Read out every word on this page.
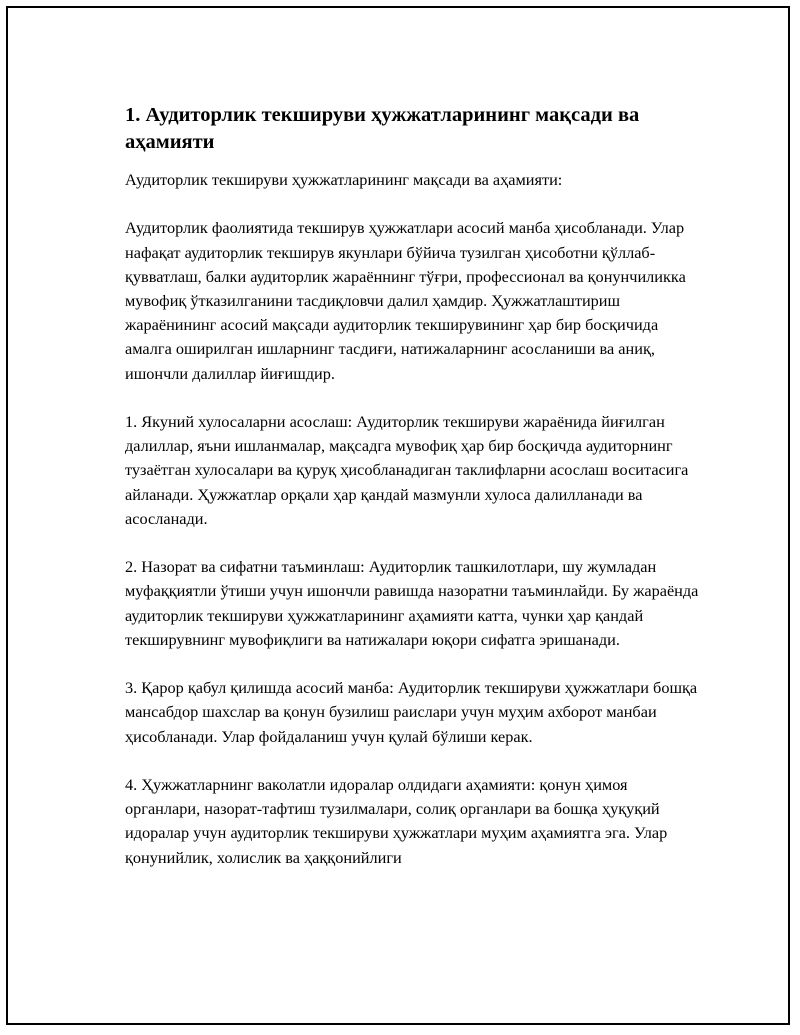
1. Аудиторлик текшируви ҳужжатларининг мақсади ва аҳамияти

Аудиторлик текшируви ҳужжатларининг мақсади ва аҳамияти:

Аудиторлик фаолиятида текширув ҳужжатлари асосий манба ҳисобланади. Улар нафақат аудиторлик текширув якунлари бўйича тузилган ҳисоботни қўллаб-қувватлаш, балки аудиторлик жараённинг тўғри, профессионал ва қонунчиликка мувофиқ ўтказилганини тасдиқловчи далил ҳамдир. Ҳужжатлаштириш жараёнининг асосий мақсади аудиторлик текширувининг ҳар бир босқичида амалга оширилган ишларнинг тасдиғи, натижаларнинг асосланиши ва аниқ, ишончли далиллар йиғишдир.

1. Якуний хулосаларни асослаш: Аудиторлик текшируви жараёнида йиғилган далиллар, яъни ишланмалар, мақсадга мувофиқ ҳар бир босқичда аудиторнинг тузаётган хулосалари ва қуруқ ҳисобланадиган таклифларни асослаш воситасига айланади. Ҳужжатлар орқали ҳар қандай мазмунли хулоса далилланади ва асосланади.

2. Назорат ва сифатни таъминлаш: Аудиторлик ташкилотлари, шу жумладан муфаққиятли ўтиши учун ишончли равишда назоратни таъминлайди. Бу жараёнда аудиторлик текшируви ҳужжатларининг аҳамияти катта, чунки ҳар қандай текширувнинг мувофиқлиги ва натижалари юқори сифатга эришанади.

3. Қарор қабул қилишда асосий манба: Аудиторлик текшируви ҳужжатлари бошқа мансабдор шахслар ва қонун бузилиш раислари учун муҳим ахборот манбаи ҳисобланади. Улар фойдаланиш учун қулай бўлиши керак.

4. Ҳужжатларнинг ваколатли идоралар олдидаги аҳамияти: қонун ҳимоя органлари, назорат-тафтиш тузилмалари, солиқ органлари ва бошқа ҳуқуқий идоралар учун аудиторлик текшируви ҳужжатлари муҳим аҳамиятга эга. Улар қонунийлик, холислик ва ҳаққонийлиги
